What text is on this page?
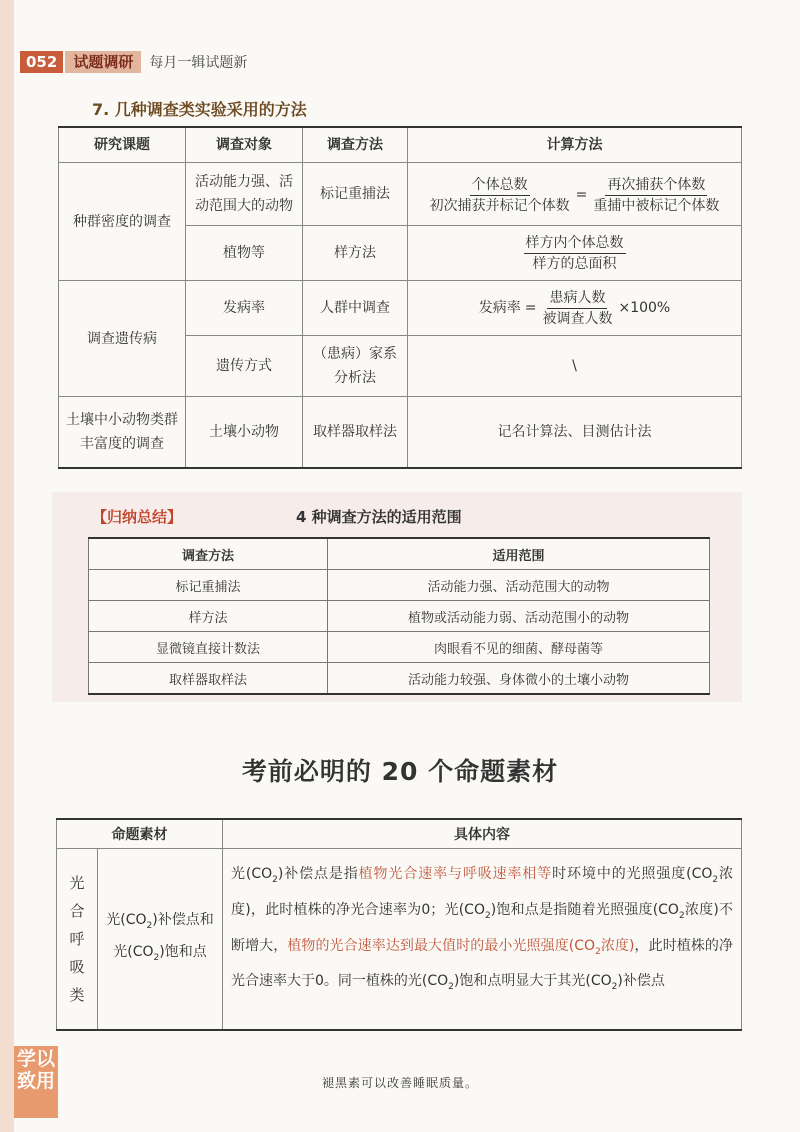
052	试题调研	每月一辑试题新
7. 几种调查类实验采用的方法
研究课题	调查对象	调查方法	计算方法
种群密度的调查	活动能力强、活动范围大的动物	标记重捕法	$\frac{\text{个体总数}}{\text{初次捕获并标记个体数}} = \frac{\text{再次捕获个体数}}{\text{重捕中被标记个体数}}$

	植物等	样方法	$\frac{\text{样方内个体总数}}{\text{样方的总面积}}$

调查遗传病	发病率	人群中调查	发病率 = $\frac{\text{患病人数}}{\text{被调查人数}} \times 100\%$

	遗传方式	（患病）家系分析法	\
土壤中小动物类群丰富度的调查	土壤小动物	取样器取样法	记名计算法、目测估计法
【归纳总结】	4 种调查方法的适用范围
调查方法	适用范围
标记重捕法	活动能力强、活动范围大的动物
样方法	植物或活动能力弱、活动范围小的动物
显微镜直接计数法	肉眼看不见的细菌、酵母菌等
取样器取样法	活动能力较强、身体微小的土壤小动物
考前必明的 20 个命题素材
命题素材		具体内容

光
合
呼
吸
类	光$(CO_2)$补偿点和光$(CO_2)$饱和点	光$(CO_2)$补偿点是指植物光合速率与呼吸速率相等时环境中的光照强度($CO_2$浓度)，此时植株的净光合速率为0；光$(CO_2)$饱和点是指随着光照强度($CO_2$浓度)不断增大，植物的光合速率达到最大值时的最小光照强度($CO_2$浓度)，此时植株的净光合速率大于0。同一植株的光$(CO_2)$饱和点明显大于其光$(CO_2)$补偿点
学以致用	褪黑素可以改善睡眠质量。
